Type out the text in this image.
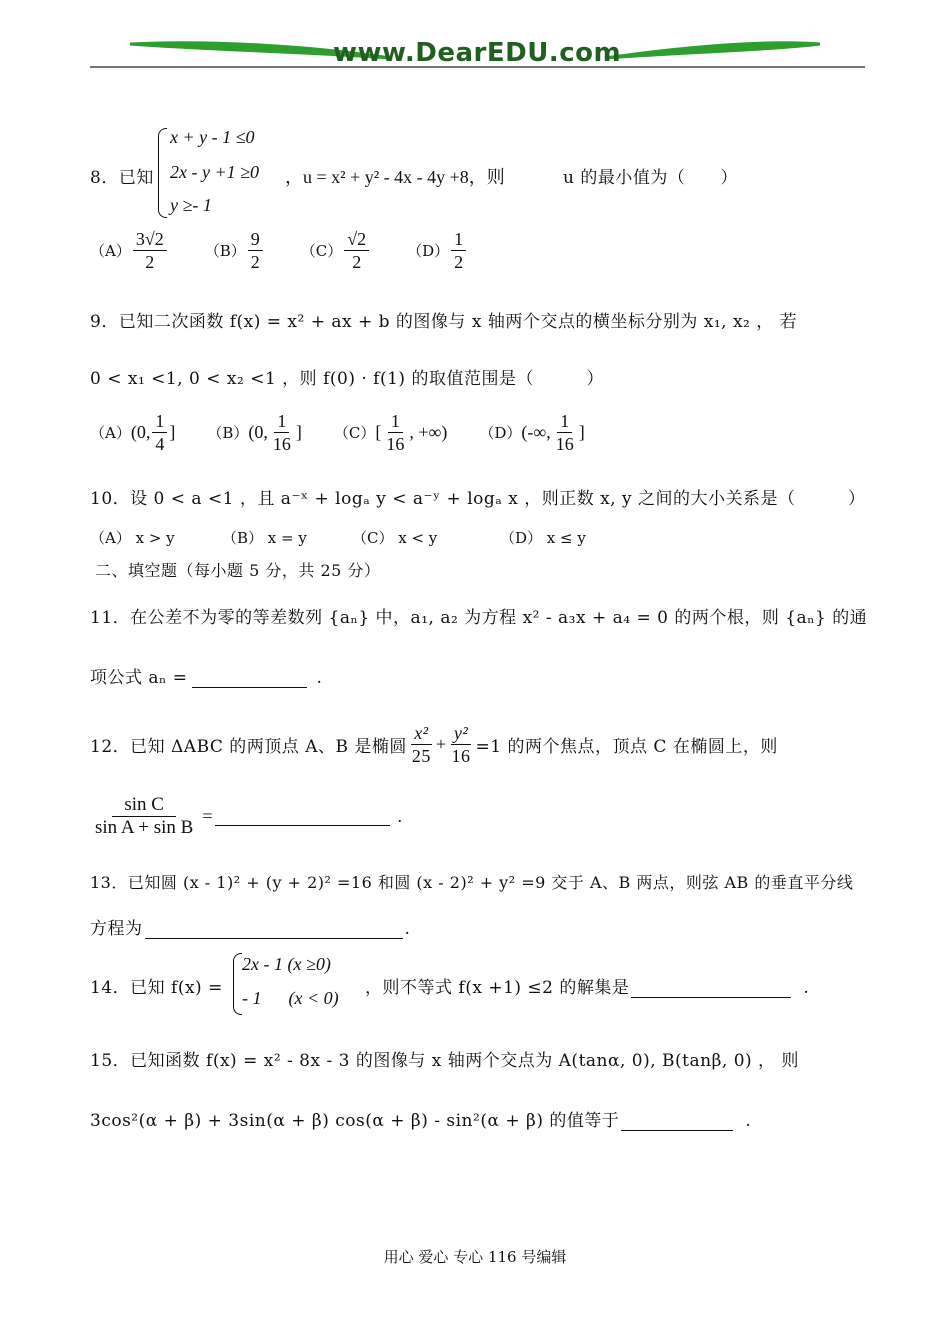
www.DearEDU.com
8．已知
x + y - 1 ≤0
2x - y +1 ≥0
y ≥- 1
，u = x² + y² - 4x - 4y +8，则	u 的最小值为（　　）
$(A) \frac{3√2}{2}$	$(B) \frac{9}{2}$	$(C) \frac{√2}{2}$	$(D) \frac{1}{2}$
9．已知二次函数 f(x) = x² + ax + b 的图像与 x 轴两个交点的横坐标分别为 x₁, x₂ ， 若
0 < x₁ <1, 0 < x₂ <1 ，则 f(0) · f(1) 的取值范围是（　　　）
（A） (0, $\frac{1}{4}$ ] （B） (0, $\frac{1}{16}$ ] （C） [ $\frac{1}{16}$ , +∞) （D） (-∞, $\frac{1}{16}$ ]
10．设 0 < a <1 ，且 a⁻ˣ + logₐ y < a⁻ʸ + logₐ x ，则正数 x, y 之间的大小关系是（　　　）
（A） x > y	（B） x = y	（C） x < y	（D） x ≤ y
二、填空题（每小题 5 分，共 25 分）
11．在公差不为零的等差数列 {aₙ} 中，a₁, a₂ 为方程 x² - a₃x + a₄ = 0 的两个根，则 {aₙ} 的通
项公式 aₙ =	.
12．已知 ΔABC 的两顶点 A、B 是椭圆 $\frac{\text{x²}}{25} + \frac{\text{y²}}{16} =1$ 的两个焦点，顶点 C 在椭圆上，则
$\frac{\text{sin C}}{\text{sin A + sin B}}$ =	.
13．已知圆 (x - 1)² + (y + 2)² =16 和圆 (x - 2)² + y² =9 交于 A、B 两点，则弦 AB 的垂直平分线
方程为	.
14．已知 f(x) =
2x - 1 (x ≥0)
- 1      (x < 0) ，则不等式 f(x +1) ≤2 的解集是	.
15．已知函数 f(x) = x² - 8x - 3 的图像与 x 轴两个交点为 A(tanα, 0), B(tanβ, 0) ， 则
3cos²(α + β) + 3sin(α + β) cos(α + β) - sin²(α + β) 的值等于	.
用心 爱心 专心 116 号编辑
